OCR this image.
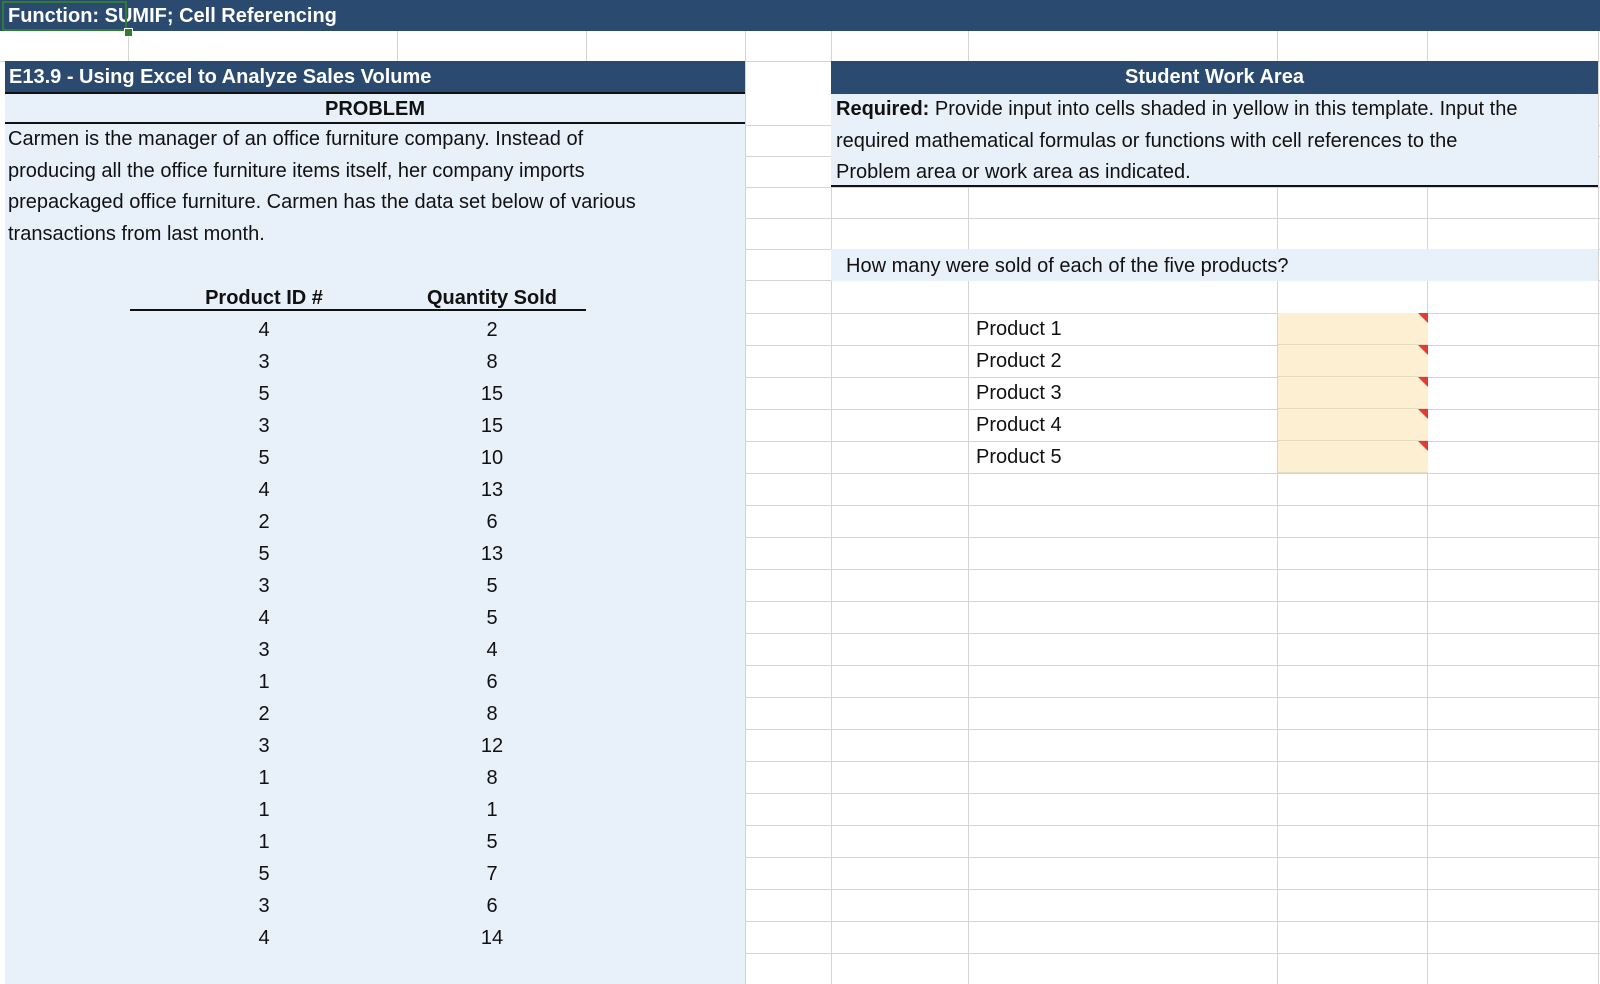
Function: SUMIF; Cell Referencing
E13.9 - Using Excel to Analyze Sales Volume
PROBLEM
Carmen is the manager of an office furniture company. Instead of
producing all the office furniture items itself, her company imports
prepackaged office furniture. Carmen has the data set below of various
transactions from last month.
Product ID #	Quantity Sold
4	2
3	8
5	15
3	15
5	10
4	13
2	6
5	13
3	5
4	5
3	4
1	6
2	8
3	12
1	8
1	1
1	5
5	7
3	6
4	14
Student Work Area
Required: Provide input into cells shaded in yellow in this template. Input the
required mathematical formulas or functions with cell references to the
Problem area or work area as indicated.
How many were sold of each of the five products?
Product 1
Product 2
Product 3
Product 4
Product 5
